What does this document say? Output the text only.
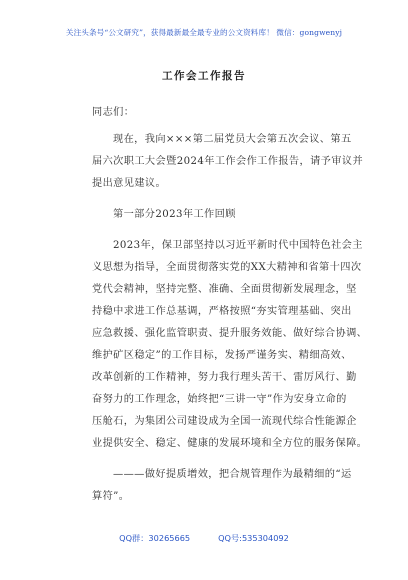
关注头条号“公文研究”，获得最新最全最专业的公文资料库！ 微信：gongwenyj
工作会工作报告
同志们：
现在，我向×××第二届党员大会第五次会议、第五
届六次职工大会暨2024年工作会作工作报告，请予审议并
提出意见建议。
第一部分2023年工作回顾
2023年，保卫部坚持以习近平新时代中国特色社会主
义思想为指导，全面贯彻落实党的XX大精神和省第十四次
党代会精神，坚持完整、准确、全面贯彻新发展理念，坚
持稳中求进工作总基调，严格按照“夯实管理基础、突出
应急救援、强化监管职责、提升服务效能、做好综合协调、
维护矿区稳定”的工作目标，发扬严谨务实、精细高效、
改革创新的工作精神，努力我行理头苦干、雷厉风行、勤
奋努力的工作理念，始终把“三讲一守”作为安身立命的
压舱石，为集团公司建设成为全国一流现代综合性能源企
业提供安全、稳定、健康的发展环境和全方位的服务保障。
———做好提质增效，把合规管理作为最精细的“运
算符”。
QQ群：30265665	QQ号:535304092
